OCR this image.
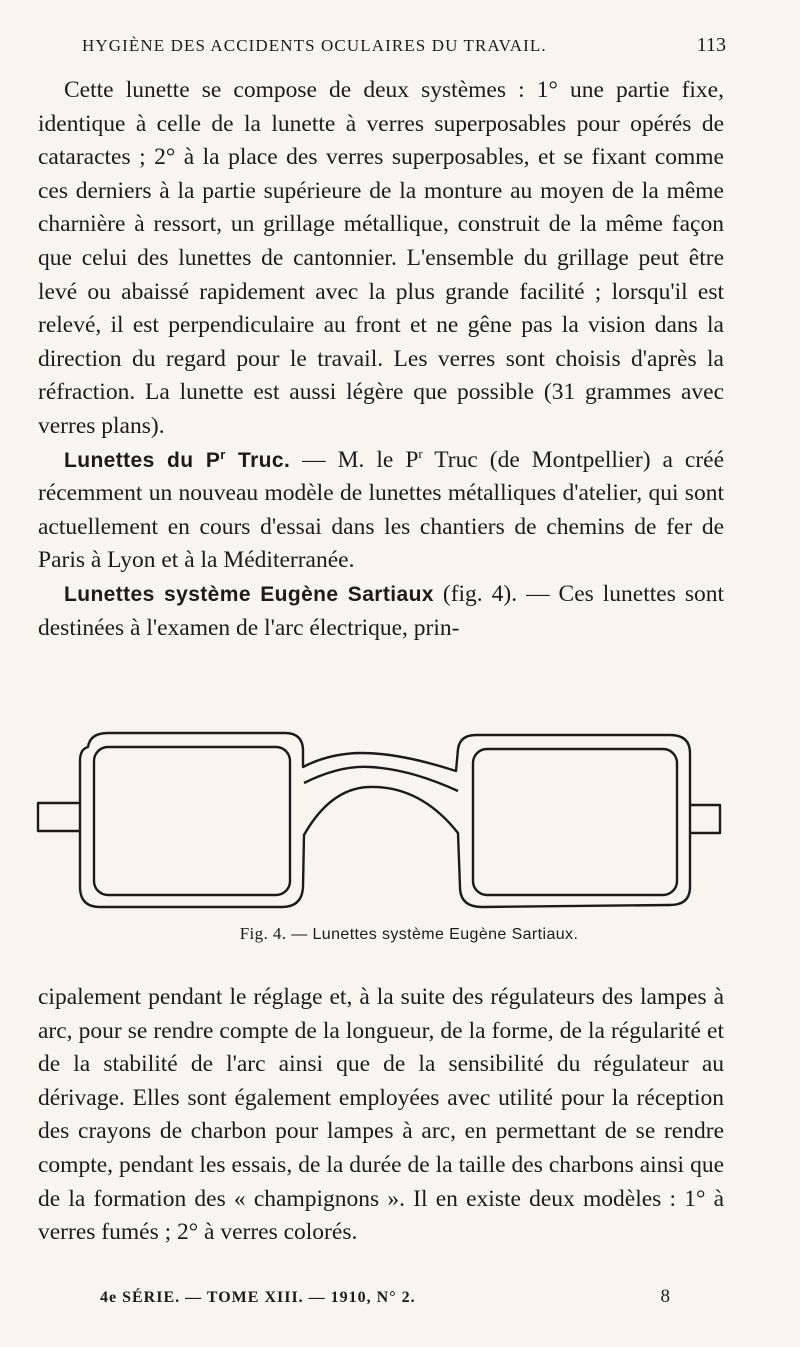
HYGIÈNE DES ACCIDENTS OCULAIRES DU TRAVAIL.	113

Cette lunette se compose de deux systèmes : 1° une partie fixe, identique à celle de la lunette à verres superposables pour opérés de cataractes ; 2° à la place des verres superposables, et se fixant comme ces derniers à la partie supérieure de la monture au moyen de la même charnière à ressort, un grillage métallique, construit de la même façon que celui des lunettes de cantonnier. L'ensemble du grillage peut être levé ou abaissé rapidement avec la plus grande facilité ; lorsqu'il est relevé, il est perpendiculaire au front et ne gêne pas la vision dans la direction du regard pour le travail. Les verres sont choisis d'après la réfraction. La lunette est aussi légère que possible (31 grammes avec verres plans).

Lunettes du $P^r$ Truc. — M. le $P^r$ Truc (de Montpellier) a créé récemment un nouveau modèle de lunettes métalliques d'atelier, qui sont actuellement en cours d'essai dans les chantiers de chemins de fer de Paris à Lyon et à la Méditerranée.

Lunettes système Eugène Sartiaux (fig. 4). — Ces lunettes sont destinées à l'examen de l'arc électrique, prin-

Fig. 4. — Lunettes système Eugène Sartiaux.

cipalement pendant le réglage et, à la suite des régulateurs des lampes à arc, pour se rendre compte de la longueur, de la forme, de la régularité et de la stabilité de l'arc ainsi que de la sensibilité du régulateur au dérivage. Elles sont également employées avec utilité pour la réception des crayons de charbon pour lampes à arc, en permettant de se rendre compte, pendant les essais, de la durée de la taille des charbons ainsi que de la formation des « champignons ». Il en existe deux modèles : 1° à verres fumés ; 2° à verres colorés.

4e SÉRIE. — TOME XIII. — 1910, N° 2.	8
